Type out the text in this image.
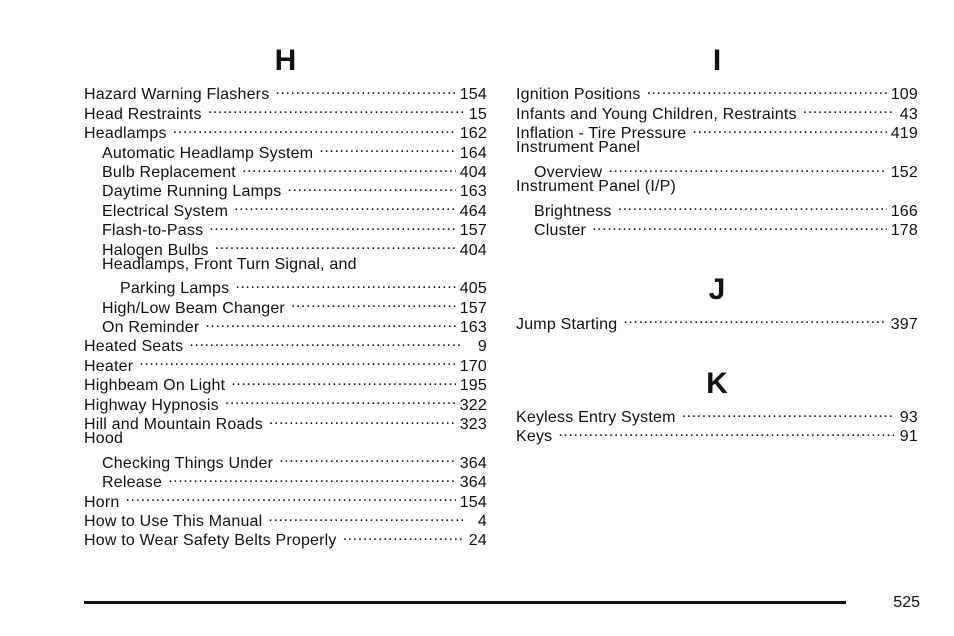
H
Hazard Warning Flashers .....	154
Head Restraints .....	15
Headlamps .....	162
Automatic Headlamp System .....	164
Bulb Replacement .....	404
Daytime Running Lamps .....	163
Electrical System .....	464
Flash-to-Pass .....	157
Halogen Bulbs .....	404
Headlamps, Front Turn Signal, and
Parking Lamps .....	405
High/Low Beam Changer .....	157
On Reminder .....	163
Heated Seats .....	9
Heater .....	170
Highbeam On Light .....	195
Highway Hypnosis .....	322
Hill and Mountain Roads .....	323
Hood
Checking Things Under .....	364
Release .....	364
Horn .....	154
How to Use This Manual .....	4
How to Wear Safety Belts Properly .....	24
I
Ignition Positions .....	109
Infants and Young Children, Restraints .....	43
Inflation - Tire Pressure .....	419
Instrument Panel
Overview .....	152
Instrument Panel (I/P)
Brightness .....	166
Cluster .....	178
J
Jump Starting .....	397
K
Keyless Entry System .....	93
Keys .....	91
525
